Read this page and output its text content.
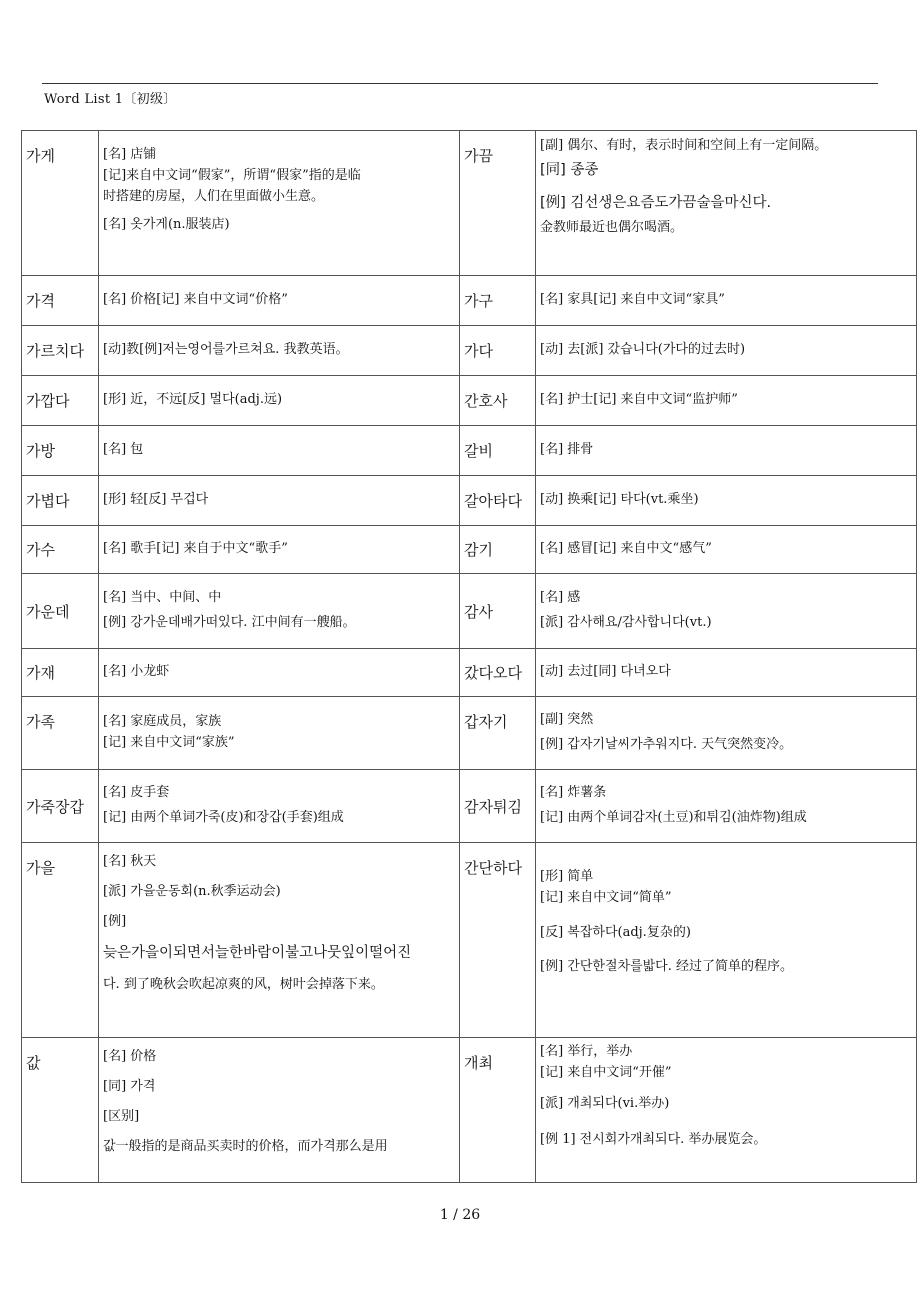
Word List 1〔初级〕
가게	[名] 店铺
[记]来自中文词“假家”，所谓“假家”指的是临
时搭建的房屋，人们在里面做小生意。
[名] 옷가게(n.服装店)	가끔	[副] 偶尔、有时，表示时间和空间上有一定间隔。
[同] 종종
[例] 김선생은요즘도가끔술을마신다.
金教师最近也偶尔喝酒。

가격	[名] 价格[记] 来自中文词“价格”	가구	[名] 家具[记] 来自中文词“家具”

가르치다	[动]教[例]저는영어를가르쳐요. 我教英语。	가다	[动] 去[派] 갔습니다(가다的过去时)

가깝다	[形] 近，不远[反] 멀다(adj.远)	간호사	[名] 护士[记] 来自中文词“监护师”

가방	[名] 包	갈비	[名] 排骨

가볍다	[形] 轻[反] 무겁다	갈아타다	[动] 换乘[记] 타다(vt.乘坐)

가수	[名] 歌手[记] 来自于中文“歌手”	감기	[名] 感冒[记] 来自中文“感气”

가운데	[名] 当中、中间、中
[例] 강가운데배가떠있다. 江中间有一艘船。	감사	[名] 感
[派] 감사해요/감사합니다(vt.)

가재	[名] 小龙虾	갔다오다	[动] 去过[同] 다녀오다

가족	[名] 家庭成员，家族
[记] 来自中文词“家族”	갑자기	[副] 突然
[例] 갑자기날씨가추워지다. 天气突然变冷。

가죽장갑	[名] 皮手套
[记] 由两个单词가죽(皮)和장갑(手套)组成	감자튀김	[名] 炸薯条
[记] 由两个单词감자(土豆)和튀김(油炸物)组成

가을	[名] 秋天
[派] 가을운동회(n.秋季运动会)
[例]
늦은가을이되면서늘한바람이불고나뭇잎이떨어진
다. 到了晚秋会吹起凉爽的风，树叶会掉落下来。	간단하다	[形] 简单
[记] 来自中文词“简单”
[反] 복잡하다(adj.复杂的)
[例] 간단한절차를밟다. 经过了简单的程序。

값	[名] 价格
[同] 가격
[区别]
값一般指的是商品买卖时的价格，而가격那么是用	개최	[名] 举行，举办
[记] 来自中文词“开催”
[派] 개최되다(vi.举办)
[例 1] 전시회가개최되다. 举办展览会。
1 / 26
